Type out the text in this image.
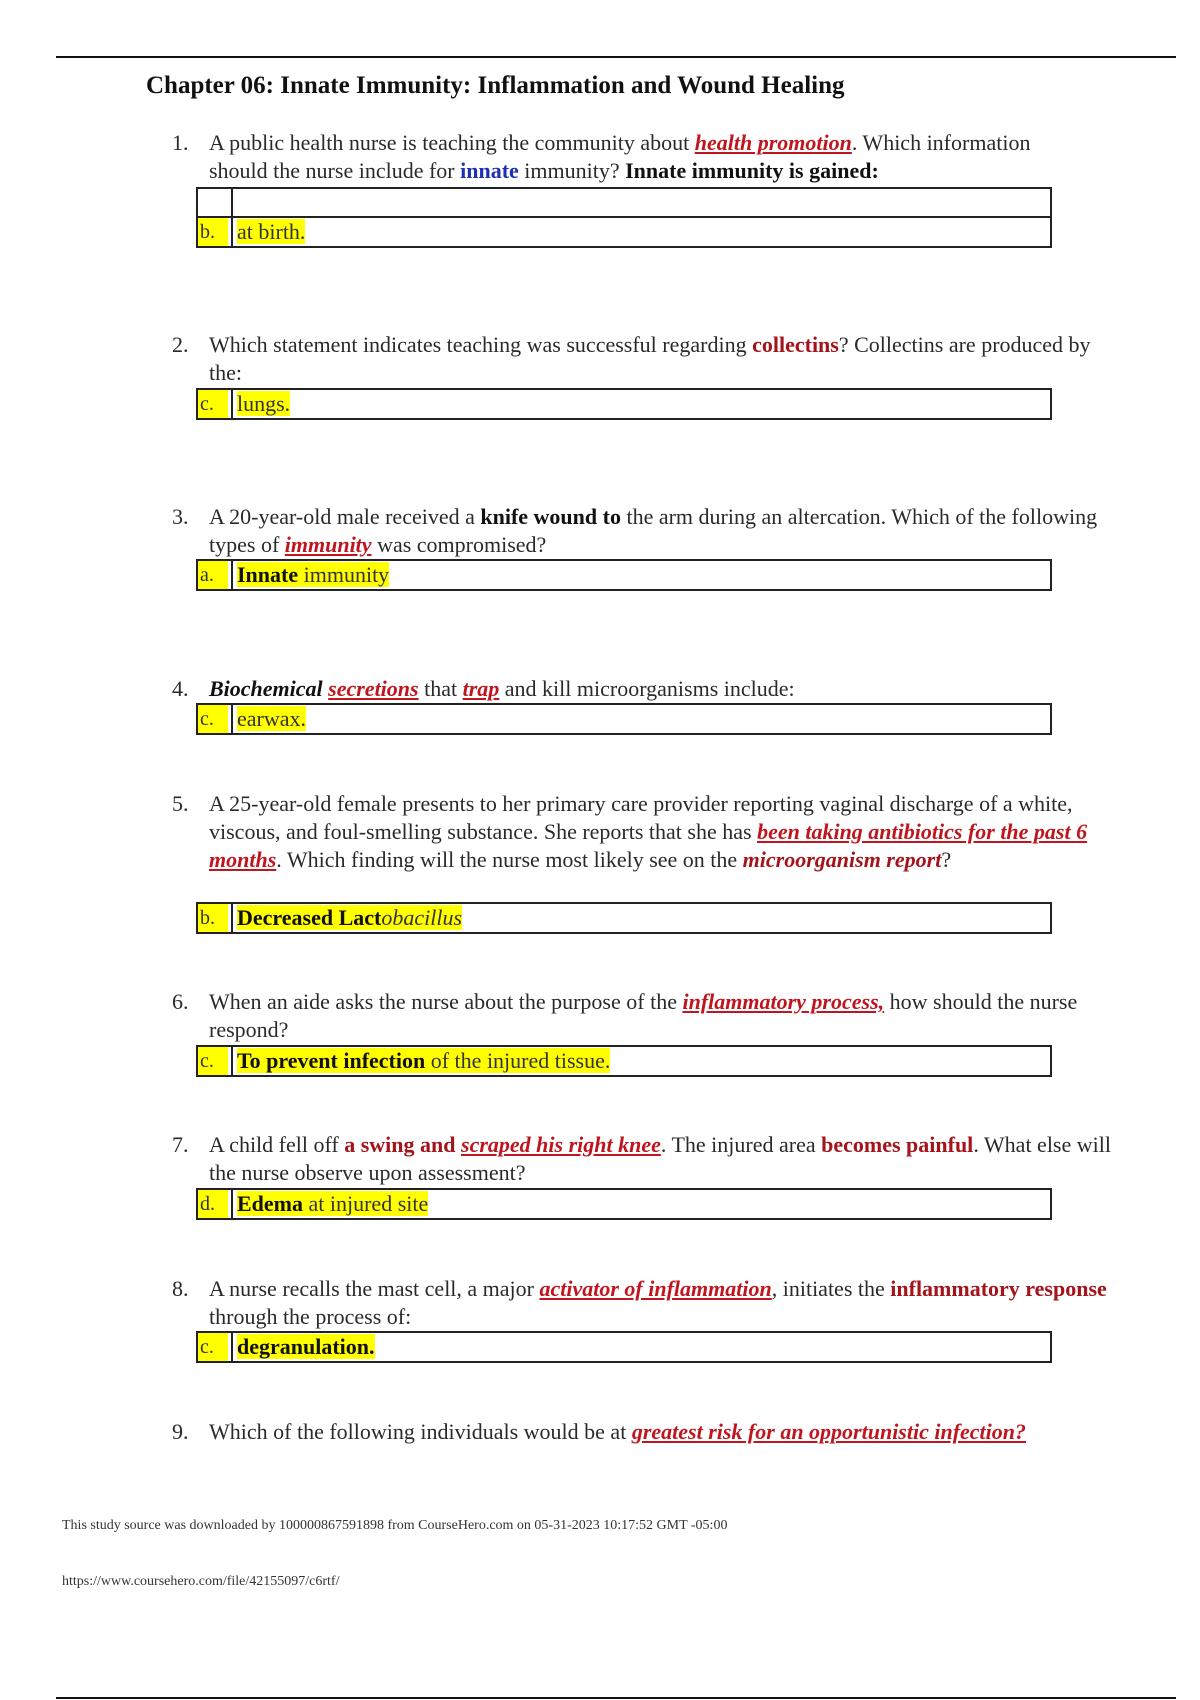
Chapter 06: Innate Immunity: Inflammation and Wound Healing
1. A public health nurse is teaching the community about health promotion. Which information
should the nurse include for innate immunity? Innate immunity is gained:
b.	at birth.
2. Which statement indicates teaching was successful regarding collectins? Collectins are produced by the:
c.	lungs.
3. A 20-year-old male received a knife wound to the arm during an altercation. Which of the following types of immunity was compromised?
a.	Innate immunity
4. Biochemical secretions that trap and kill microorganisms include:
c.	earwax.
5. A 25-year-old female presents to her primary care provider reporting vaginal discharge of a white, viscous, and foul-smelling substance. She reports that she has been taking antibiotics for the past 6 months. Which finding will the nurse most likely see on the microorganism report?
b.	Decreased Lactobacillus
6. When an aide asks the nurse about the purpose of the inflammatory process, how should the nurse respond?
c.	To prevent infection of the injured tissue.
7. A child fell off a swing and scraped his right knee. The injured area becomes painful. What else will the nurse observe upon assessment?
d.	Edema at injured site
8. A nurse recalls the mast cell, a major activator of inflammation, initiates the inflammatory response through the process of:
c.	degranulation.
9. Which of the following individuals would be at greatest risk for an opportunistic infection?
This study source was downloaded by 100000867591898 from CourseHero.com on 05-31-2023 10:17:52 GMT -05:00
https://www.coursehero.com/file/42155097/c6rtf/
